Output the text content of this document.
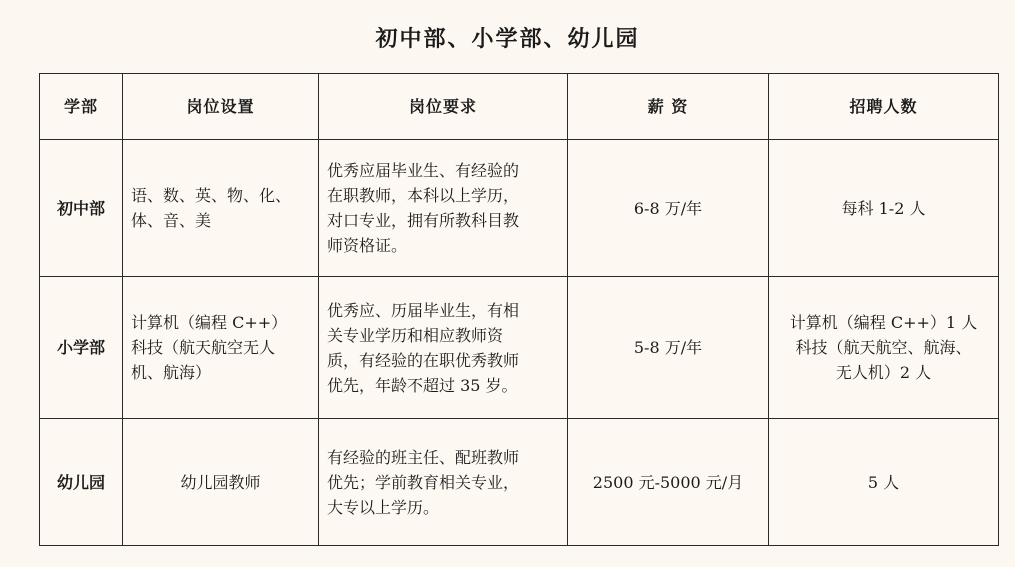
初中部、小学部、幼儿园
学部	岗位设置	岗位要求	薪 资	招聘人数
初中部	语、数、英、物、化、
体、音、美	优秀应届毕业生、有经验的
在职教师，本科以上学历，
对口专业，拥有所教科目教
师资格证。	6-8 万/年	每科 1-2 人
小学部	计算机（编程 C++）
科技（航天航空无人
机、航海）	优秀应、历届毕业生，有相
关专业学历和相应教师资
质，有经验的在职优秀教师
优先，年龄不超过 35 岁。	5-8 万/年	计算机（编程 C++）1 人
科技（航天航空、航海、
无人机）2 人
幼儿园	幼儿园教师	有经验的班主任、配班教师
优先；学前教育相关专业，
大专以上学历。	2500 元-5000 元/月	5 人
